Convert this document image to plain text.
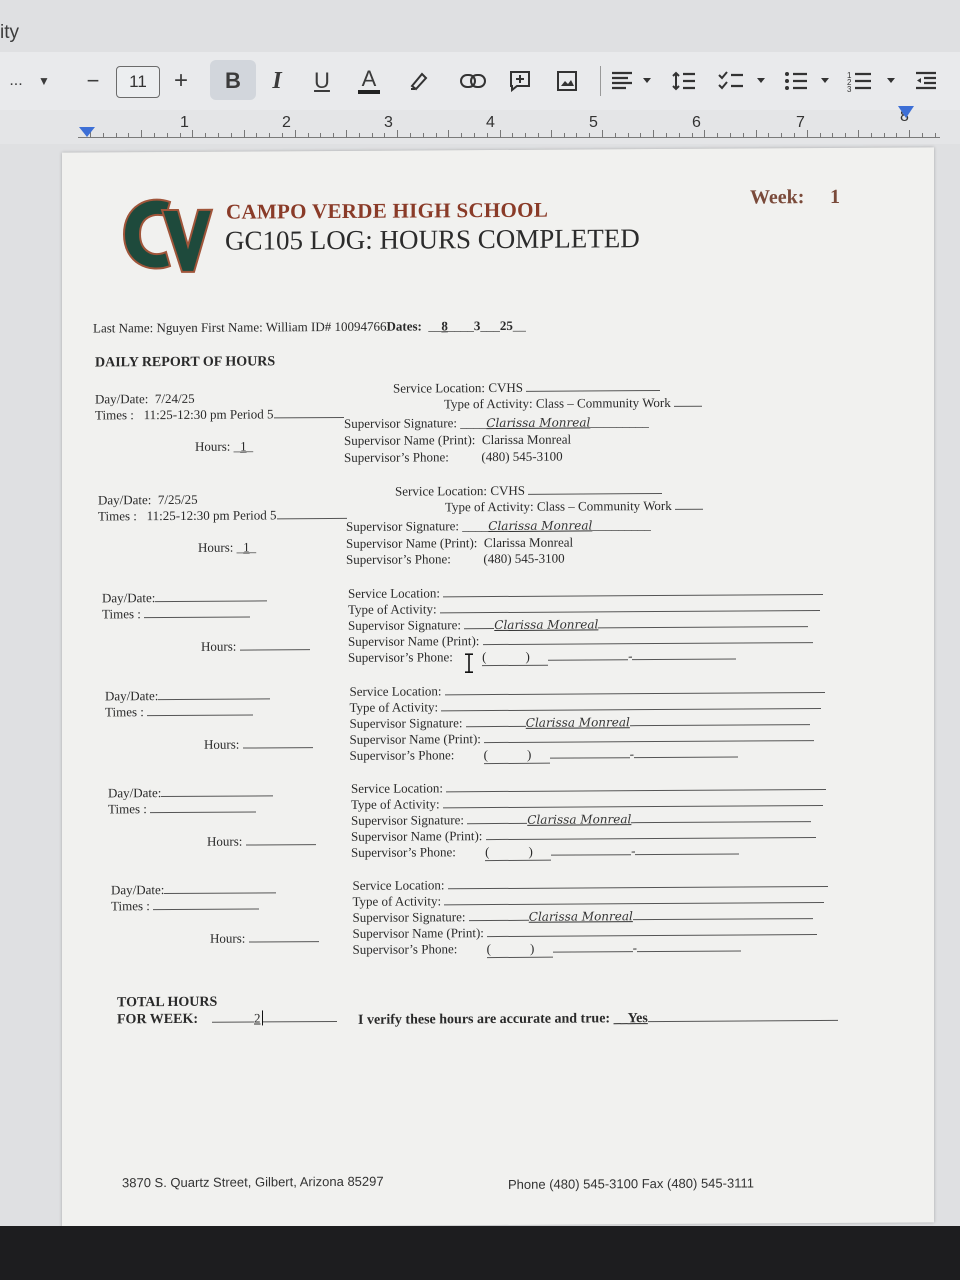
ity
...	▼ −	+	B	I	U	A	1
2
3
11
1	2	3	4	5	6	7	8
CAMPO VERDE HIGH SCHOOL
GC105 LOG: HOURS COMPLETED
Week: 1
Last Name: Nguyen First Name: William ID# 10094766Dates:  __8____3___25__
DAILY REPORT OF HOURS
Day/Date: 7/24/25
Times : 11:25-12:30 pm Period 5
Hours: _1_
Service Location: CVHS
Type of Activity: Class – Community Work
Supervisor Signature: ____Clarissa Monreal_________
Supervisor Name (Print): Clarissa Monreal
Supervisor’s Phone:	(480) 545-3100
Day/Date: 7/25/25
Times : 11:25-12:30 pm Period 5
Hours: _1_
Service Location: CVHS
Type of Activity: Class – Community Work
Supervisor Signature: ____Clarissa Monreal_________
Supervisor Name (Print): Clarissa Monreal
Supervisor’s Phone:	(480) 545-3100
Day/Date:
Times :
Hours:
Service Location:
Type of Activity:
Supervisor Signature:	Clarissa Monreal
Supervisor Name (Print):
Supervisor’s Phone: (            )	-
Day/Date:
Times :
Hours:
Service Location:
Type of Activity:
Supervisor Signature:	Clarissa Monreal
Supervisor Name (Print):
Supervisor’s Phone: (            )	-
Day/Date:
Times :
Hours:
Service Location:
Type of Activity:
Supervisor Signature:	Clarissa Monreal
Supervisor Name (Print):
Supervisor’s Phone: (            )	-
Day/Date:
Times :
Hours:
Service Location:
Type of Activity:
Supervisor Signature:	Clarissa Monreal
Supervisor Name (Print):
Supervisor’s Phone: (            )	-
TOTAL HOURS
FOR WEEK:	2	I verify these hours are accurate and true: __Yes
3870 S. Quartz Street, Gilbert, Arizona 85297	Phone (480) 545-3100 Fax (480) 545-3111
